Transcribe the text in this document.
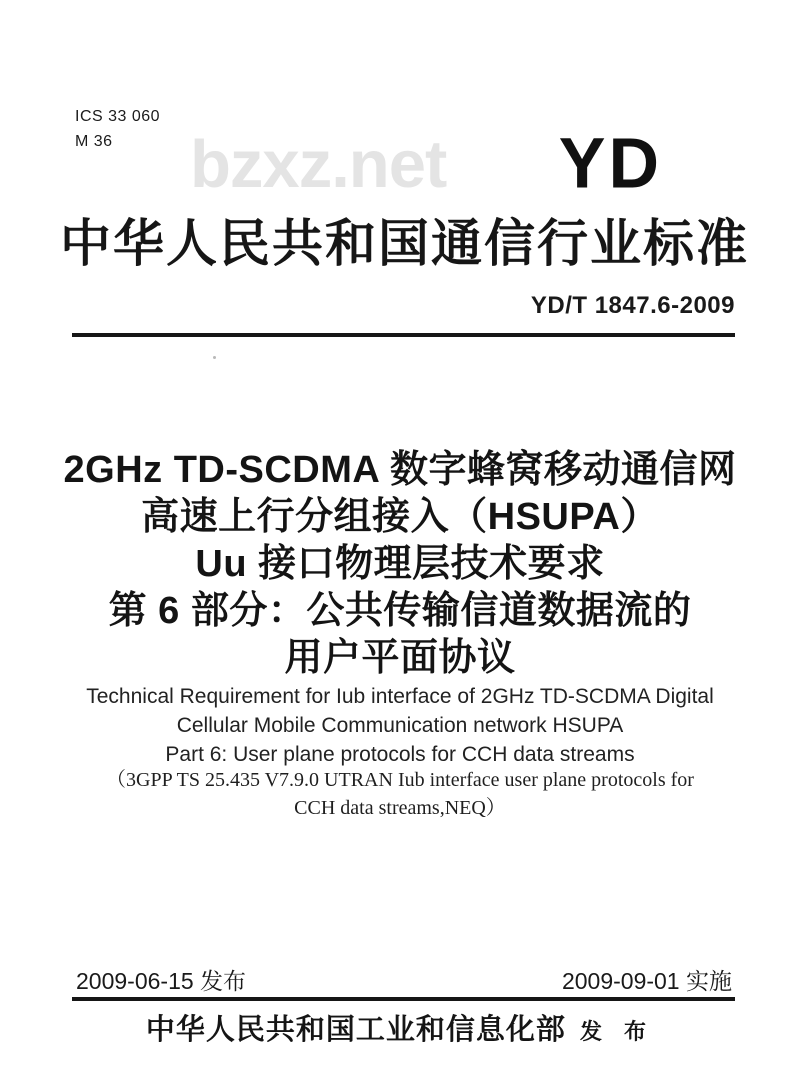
ICS 33 060
M 36	bzxz.net YD
中华人民共和国通信行业标准
YD/T 1847.6-2009
2GHz TD-SCDMA 数字蜂窝移动通信网
高速上行分组接入（HSUPA）
Uu 接口物理层技术要求
第 6 部分：公共传输信道数据流的
用户平面协议
Technical Requirement for Iub interface of 2GHz TD-SCDMA Digital
Cellular Mobile Communication network HSUPA
Part 6: User plane protocols for CCH data streams
（3GPP TS 25.435 V7.9.0 UTRAN Iub interface user plane protocols for
CCH data streams,NEQ）
2009-06-15 发布	2009-09-01 实施
中华人民共和国工业和信息化部 发 布
